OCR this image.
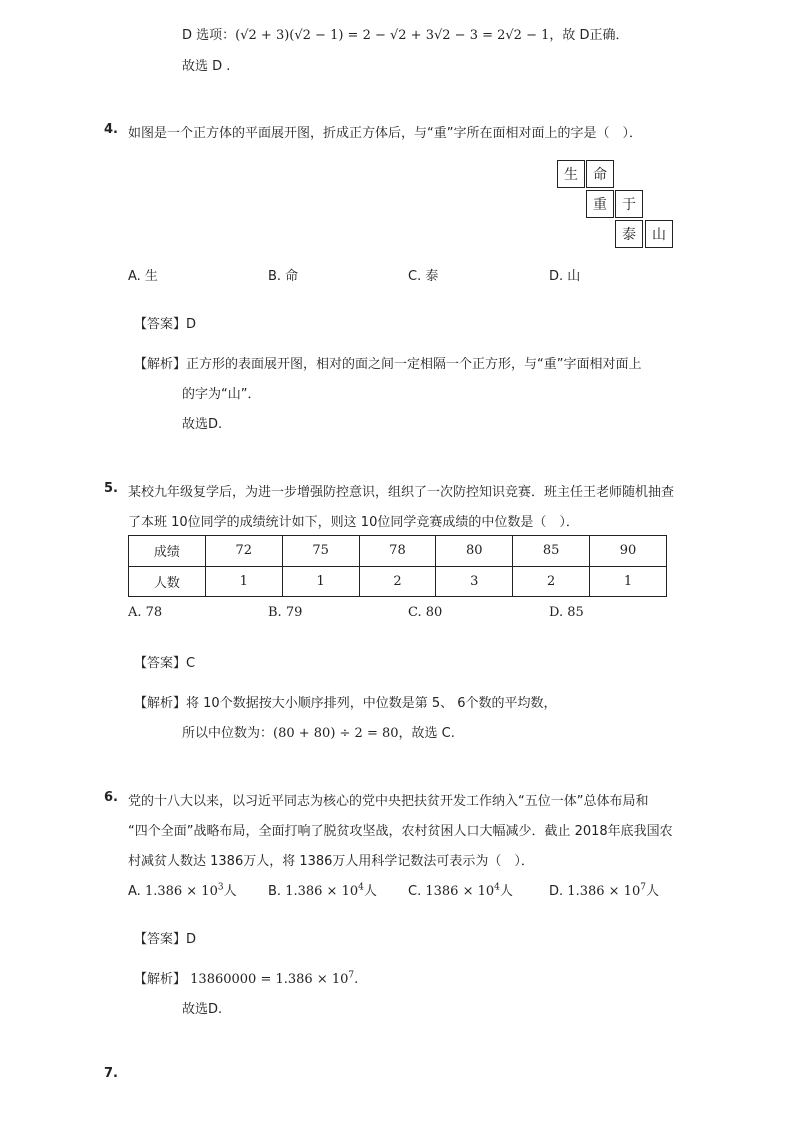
D 选项：(√2 + 3)(√2 − 1) = 2 − √2 + 3√2 − 3 = 2√2 − 1，故 D正确．
故选 D .
4. 如图是一个正方体的平面展开图，折成正方体后，与“重”字所在面相对面上的字是（　）．
生	命
重	于
泰	山
A. 生	B. 命	C. 泰	D. 山
【答案】D
【解析】正方形的表面展开图，相对的面之间一定相隔一个正方形，与“重”字面相对面上
的字为“山”．
故选D.
5. 某校九年级复学后，为进一步增强防控意识，组织了一次防控知识竞赛．班主任王老师随机抽查
了本班 10位同学的成绩统计如下，则这 10位同学竞赛成绩的中位数是（　）．
成绩	72	75	78	80	85	90
人数	1	1	2	3	2	1
A. 78	B. 79	C. 80	D. 85
【答案】C
【解析】将 10个数据按大小顺序排列，中位数是第 5、 6个数的平均数，
所以中位数为：(80 + 80) ÷ 2 = 80，故选 C.
6. 党的十八大以来，以习近平同志为核心的党中央把扶贫开发工作纳入“五位一体”总体布局和
“四个全面”战略布局，全面打响了脱贫攻坚战，农村贫困人口大幅减少．截止 2018年底我国农
村减贫人数达 1386万人，将 1386万人用科学记数法可表示为（　）．
A. $1.386 \times 10^3$人 B. $1.386 \times 10^4$人 C. $1386 \times 10^4$人	D. $1.386 \times 10^7$人
【答案】D
【解析】 $13860000 = 1.386 \times 10^7$.
故选D.
7.
